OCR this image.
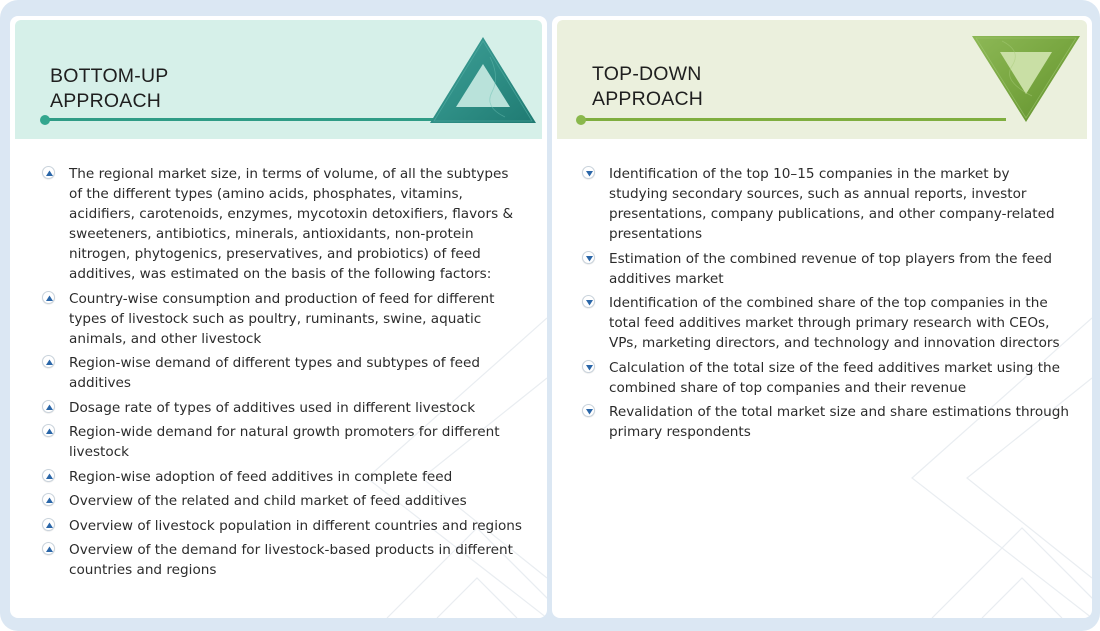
BOTTOM-UP
APPROACH
The regional market size, in terms of volume, of all the subtypes of the different types (amino acids, phosphates, vitamins, acidifiers, carotenoids, enzymes, mycotoxin detoxifiers, flavors & sweeteners, antibiotics, minerals, antioxidants, non-protein nitrogen, phytogenics, preservatives, and probiotics) of feed additives, was estimated on the basis of the following factors:
Country-wise consumption and production of feed for different types of livestock such as poultry, ruminants, swine, aquatic animals, and other livestock
Region-wise demand of different types and subtypes of feed additives
Dosage rate of types of additives used in different livestock
Region-wide demand for natural growth promoters for different livestock
Region-wise adoption of feed additives in complete feed
Overview of the related and child market of feed additives
Overview of livestock population in different countries and regions
Overview of the demand for livestock-based products in different countries and regions
TOP-DOWN
APPROACH
Identification of the top 10–15 companies in the market by studying secondary sources, such as annual reports, investor presentations, company publications, and other company-related presentations
Estimation of the combined revenue of top players from the feed additives market
Identification of the combined share of the top companies in the total feed additives market through primary research with CEOs, VPs, marketing directors, and technology and innovation directors
Calculation of the total size of the feed additives market using the combined share of top companies and their revenue
Revalidation of the total market size and share estimations through primary respondents
